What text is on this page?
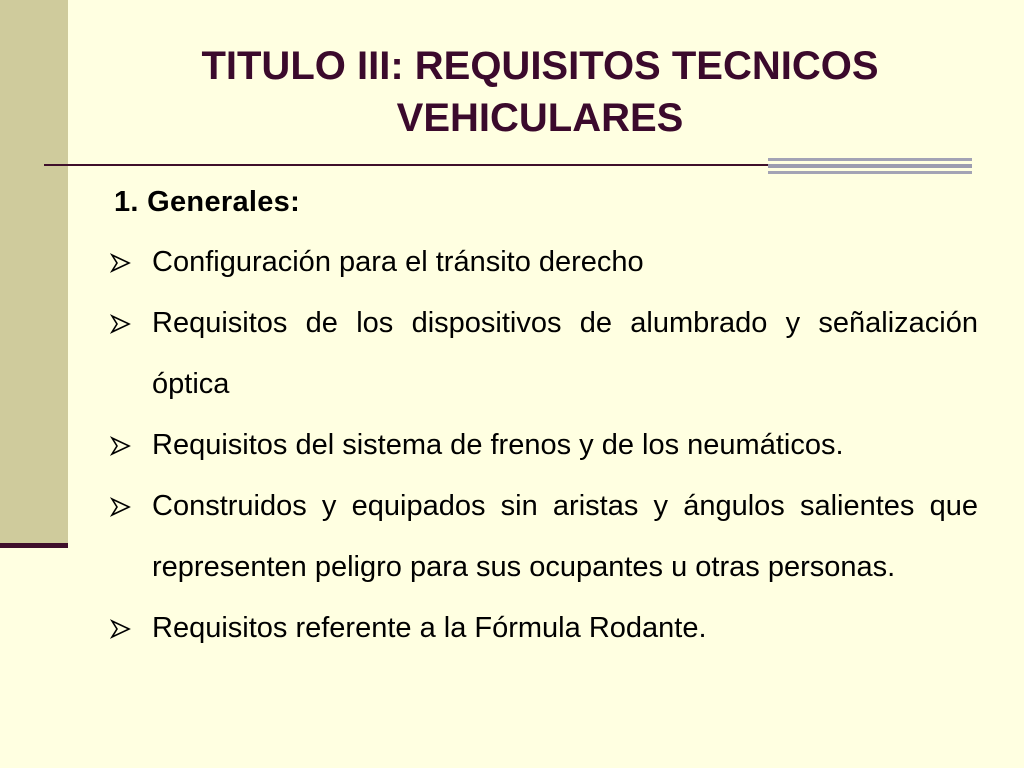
TITULO III: REQUISITOS TECNICOS VEHICULARES
1. Generales:
Configuración para el tránsito derecho
Requisitos de los dispositivos de alumbrado y señalización óptica
Requisitos del sistema de frenos y de los neumáticos.
Construidos y equipados sin aristas y ángulos salientes que representen peligro para sus ocupantes u otras personas.
Requisitos referente a la Fórmula Rodante.
